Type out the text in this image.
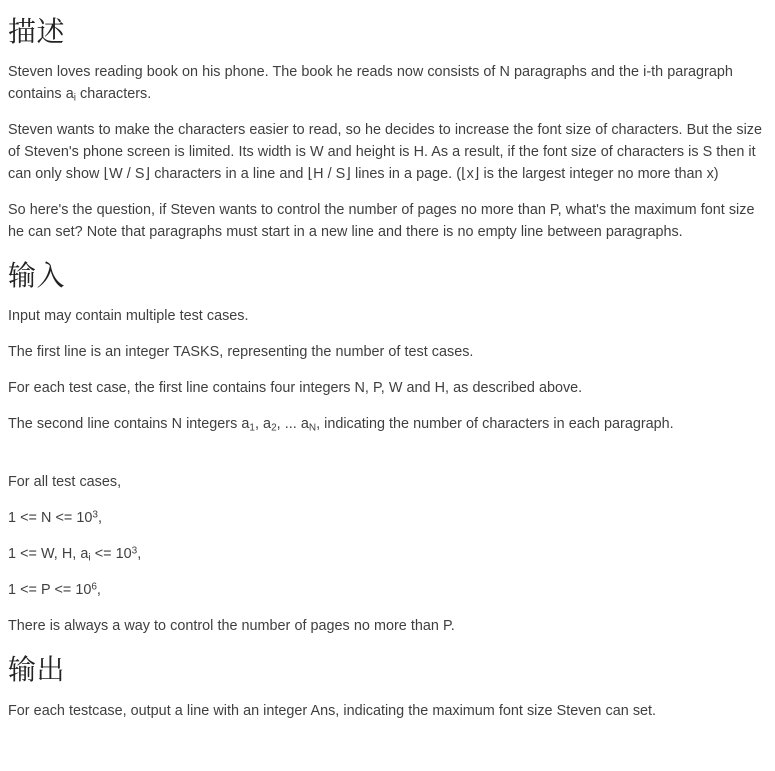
描述

Steven loves reading book on his phone. The book he reads now consists of N paragraphs and the i-th paragraph contains $a_i$ characters.

Steven wants to make the characters easier to read, so he decides to increase the font size of characters. But the size of Steven's phone screen is limited. Its width is W and height is H. As a result, if the font size of characters is S then it can only show ⌊W / S⌋ characters in a line and ⌊H / S⌋ lines in a page. (⌊x⌋ is the largest integer no more than x)

So here's the question, if Steven wants to control the number of pages no more than P, what's the maximum font size he can set? Note that paragraphs must start in a new line and there is no empty line between paragraphs.

输入

Input may contain multiple test cases.

The first line is an integer TASKS, representing the number of test cases.

For each test case, the first line contains four integers N, P, W and H, as described above.

The second line contains N integers $a_1$, $a_2$, ... $a_N$, indicating the number of characters in each paragraph.

For all test cases,

$1 <= N <= 10^3$,

1 <= W, H, $a_i <= 10^3$,

$1 <= P <= 10^6$,

There is always a way to control the number of pages no more than P.

输出

For each testcase, output a line with an integer Ans, indicating the maximum font size Steven can set.
